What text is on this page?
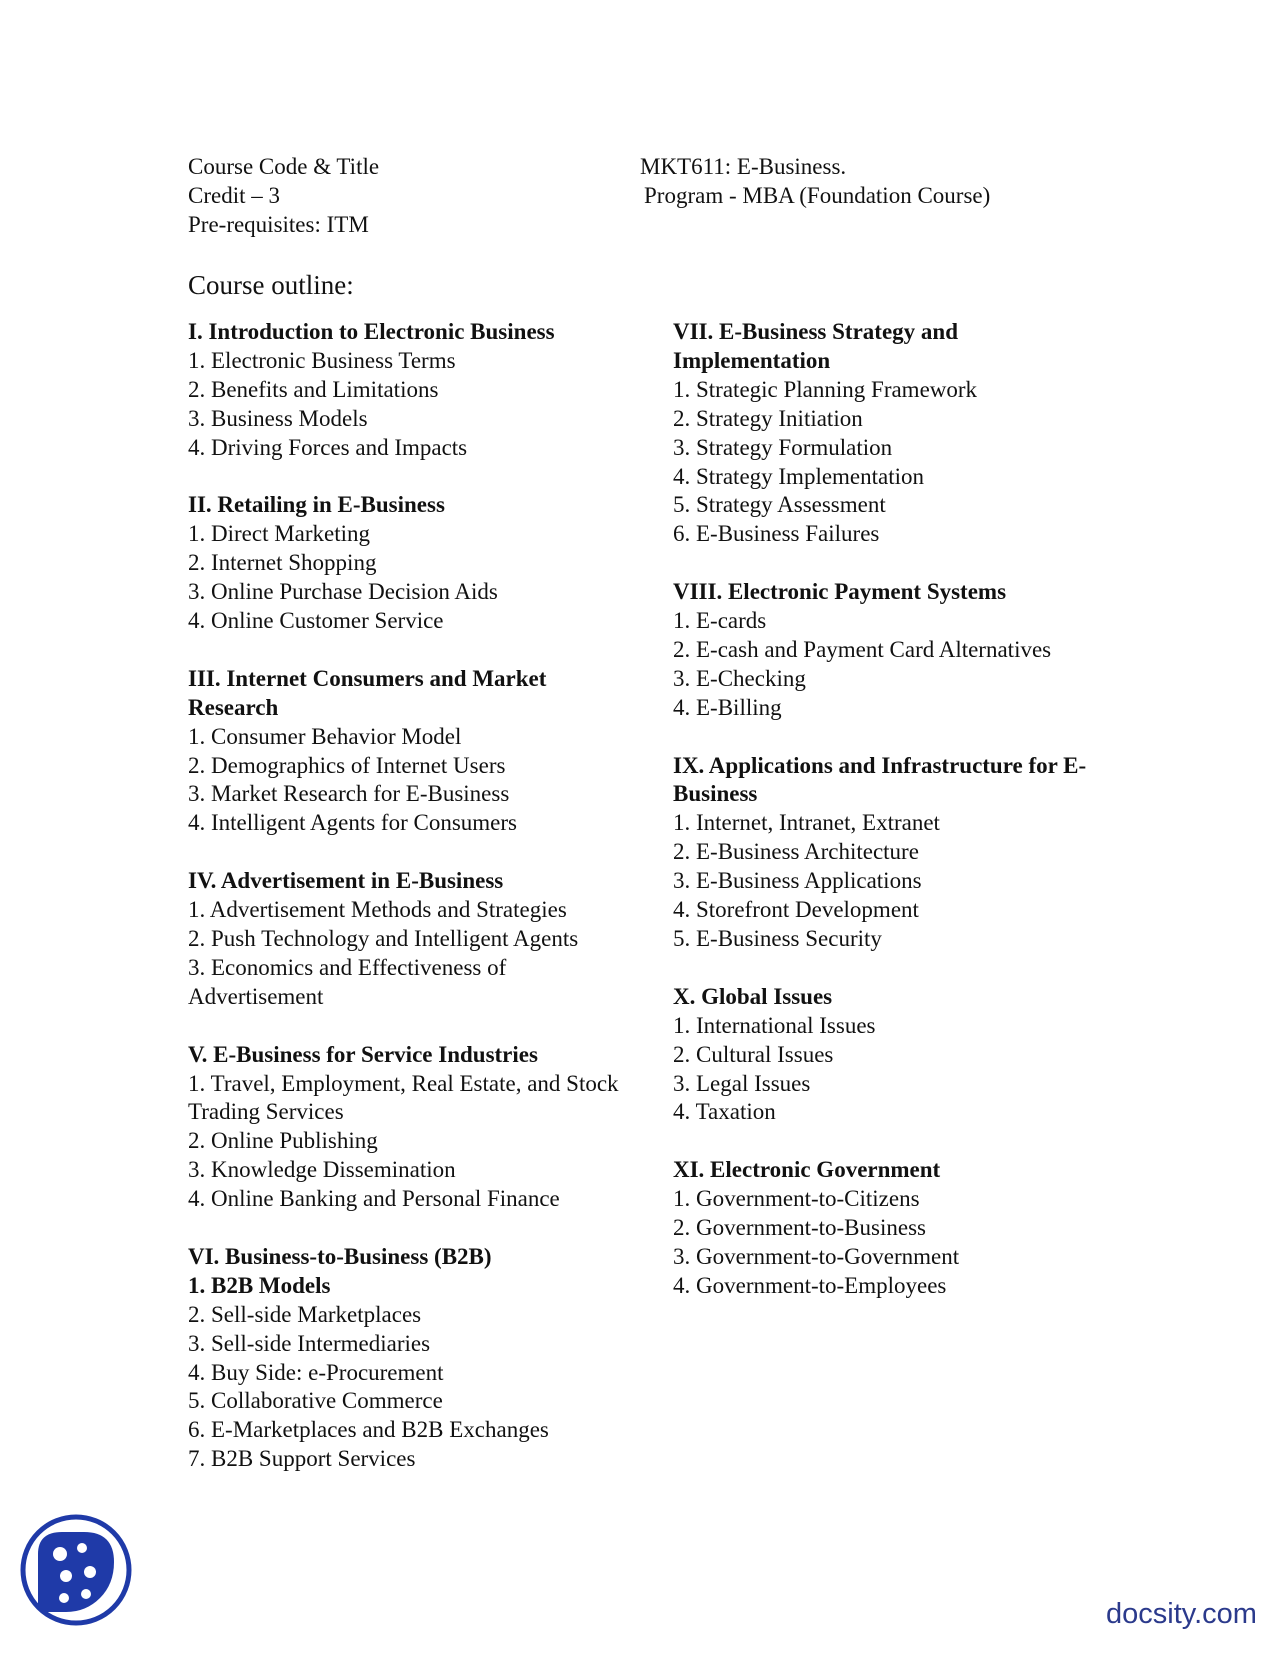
Course Code & Title	MKT611: E-Business.
Credit – 3	Program - MBA (Foundation Course)
Pre-requisites: ITM
Course outline:

I. Introduction to Electronic Business

1. Electronic Business Terms

2. Benefits and Limitations

3. Business Models

4. Driving Forces and Impacts

II. Retailing in E-Business

1. Direct Marketing

2. Internet Shopping

3. Online Purchase Decision Aids

4. Online Customer Service

III. Internet Consumers and Market Research

1. Consumer Behavior Model

2. Demographics of Internet Users

3. Market Research for E-Business

4. Intelligent Agents for Consumers

IV. Advertisement in E-Business

1. Advertisement Methods and Strategies

2. Push Technology and Intelligent Agents

3. Economics and Effectiveness of Advertisement

V. E-Business for Service Industries

1. Travel, Employment, Real Estate, and Stock Trading Services

2. Online Publishing

3. Knowledge Dissemination

4. Online Banking and Personal Finance

VI. Business-to-Business (B2B)

1. B2B Models

2. Sell-side Marketplaces

3. Sell-side Intermediaries

4. Buy Side: e-Procurement

5. Collaborative Commerce

6. E-Marketplaces and B2B Exchanges

7. B2B Support Services

VII. E-Business Strategy and Implementation

1. Strategic Planning Framework

2. Strategy Initiation

3. Strategy Formulation

4. Strategy Implementation

5. Strategy Assessment

6. E-Business Failures

VIII. Electronic Payment Systems

1. E-cards

2. E-cash and Payment Card Alternatives

3. E-Checking

4. E-Billing

IX. Applications and Infrastructure for E-Business

1. Internet, Intranet, Extranet

2. E-Business Architecture

3. E-Business Applications

4. Storefront Development

5. E-Business Security

X. Global Issues

1. International Issues

2. Cultural Issues

3. Legal Issues

4. Taxation

XI. Electronic Government

1. Government-to-Citizens

2. Government-to-Business

3. Government-to-Government

4. Government-to-Employees

docsity.com
